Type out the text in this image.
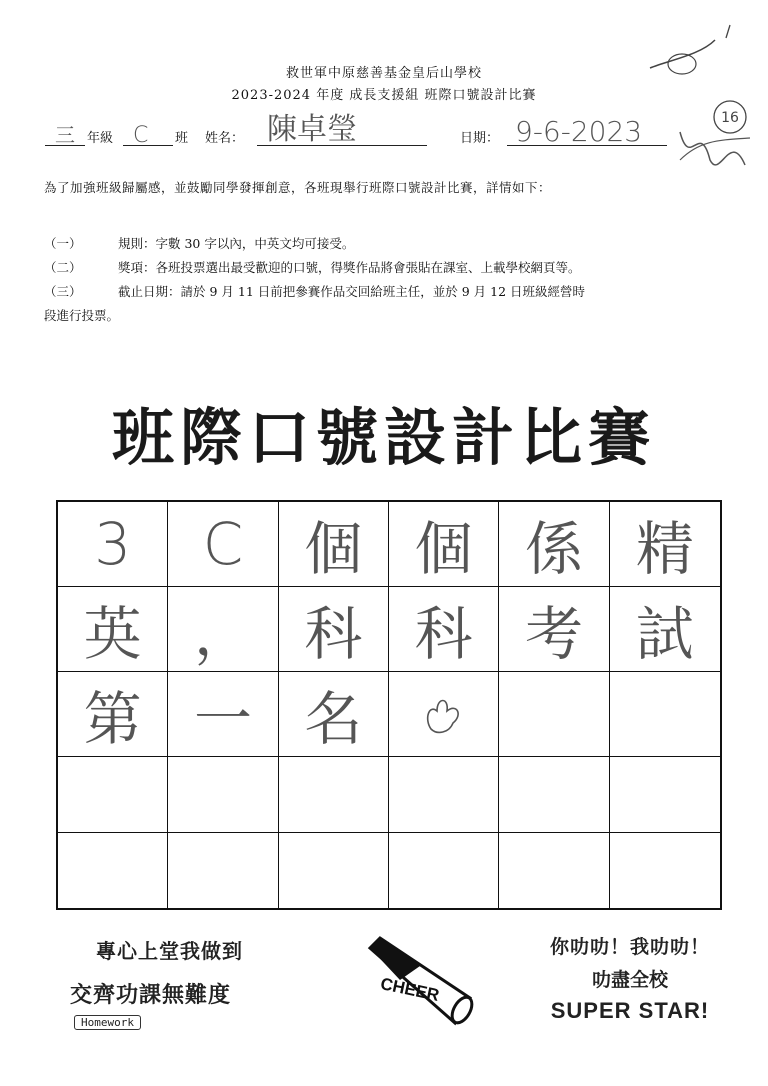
救世軍中原慈善基金皇后山學校
2023-2024 年度 成長支援組 班際口號設計比賽
16
三 年級 C 班 姓名： 陳卓瑩	日期： 9-6-2023
為了加強班級歸屬感，並鼓勵同學發揮創意，各班現舉行班際口號設計比賽，詳情如下：
（一）	規則：字數 30 字以內，中英文均可接受。
（二）	獎項：各班投票選出最受歡迎的口號，得獎作品將會張貼在課室、上載學校網頁等。
（三）	截止日期：請於 9 月 11 日前把參賽作品交回給班主任，並於 9 月 12 日班級經營時
段進行投票。
班際口號設計比賽
3	C	個 個 係 精
英 ， 科 科 考 試
第 一 名
專心上堂我做到
交齊功課無難度
Homework
CHEER
你叻叻！我叻叻！
叻盡全校
SUPER STAR!
